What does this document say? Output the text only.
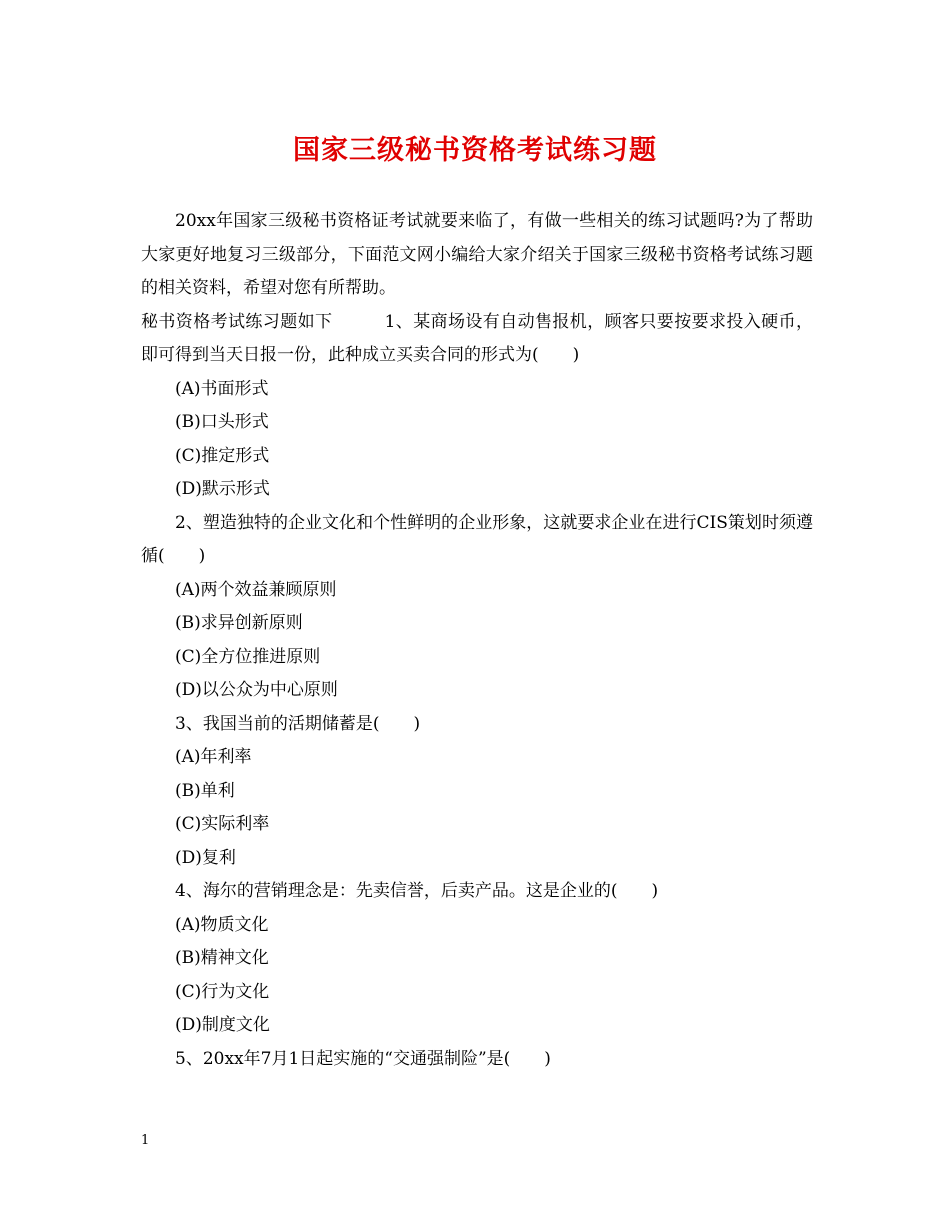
国家三级秘书资格考试练习题

20xx年国家三级秘书资格证考试就要来临了，有做一些相关的练习试题吗?为了帮助大家更好地复习三级部分，下面范文网小编给大家介绍关于国家三级秘书资格考试练习题的相关资料，希望对您有所帮助。

秘书资格考试练习题如下　　　1、某商场设有自动售报机，顾客只要按要求投入硬币，即可得到当天日报一份，此种成立买卖合同的形式为(　　)

(A)书面形式

(B)口头形式

(C)推定形式

(D)默示形式

2、塑造独特的企业文化和个性鲜明的企业形象，这就要求企业在进行CIS策划时须遵循(　　)

(A)两个效益兼顾原则

(B)求异创新原则

(C)全方位推进原则

(D)以公众为中心原则

3、我国当前的活期储蓄是(　　)

(A)年利率

(B)单利

(C)实际利率

(D)复利

4、海尔的营销理念是：先卖信誉，后卖产品。这是企业的(　　)

(A)物质文化

(B)精神文化

(C)行为文化

(D)制度文化

5、20xx年7月1日起实施的“交通强制险”是(　　)

1
